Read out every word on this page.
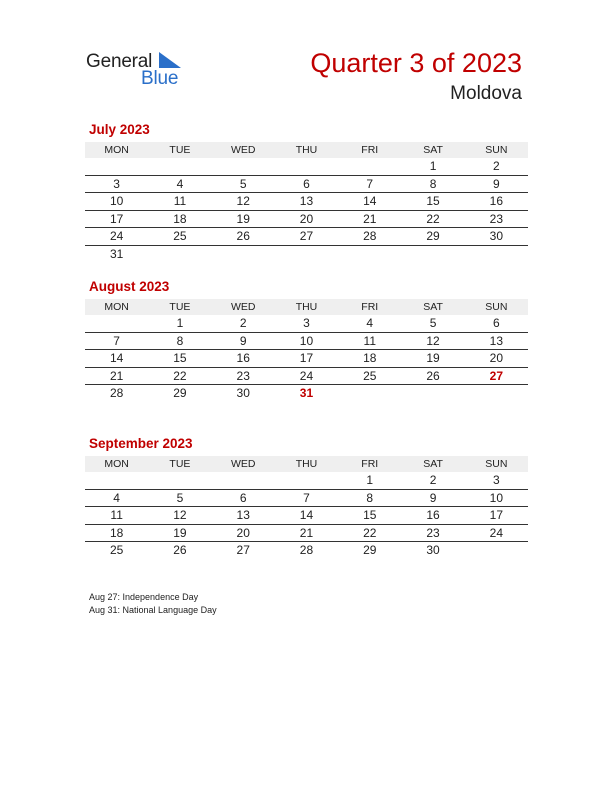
General
Blue
Quarter 3 of 2023
Moldova
July 2023
MON	TUE	WED	THU	FRI	SAT	SUN
					1	2
3	4	5	6	7	8	9
10	11	12	13	14	15	16
17	18	19	20	21	22	23
24	25	26	27	28	29	30
31						
August 2023
MON	TUE	WED	THU	FRI	SAT	SUN
	1	2	3	4	5	6
7	8	9	10	11	12	13
14	15	16	17	18	19	20
21	22	23	24	25	26	27
28	29	30	31			
September 2023
MON	TUE	WED	THU	FRI	SAT	SUN
				1	2	3
4	5	6	7	8	9	10
11	12	13	14	15	16	17
18	19	20	21	22	23	24
25	26	27	28	29	30	
Aug 27: Independence Day
Aug 31: National Language Day
